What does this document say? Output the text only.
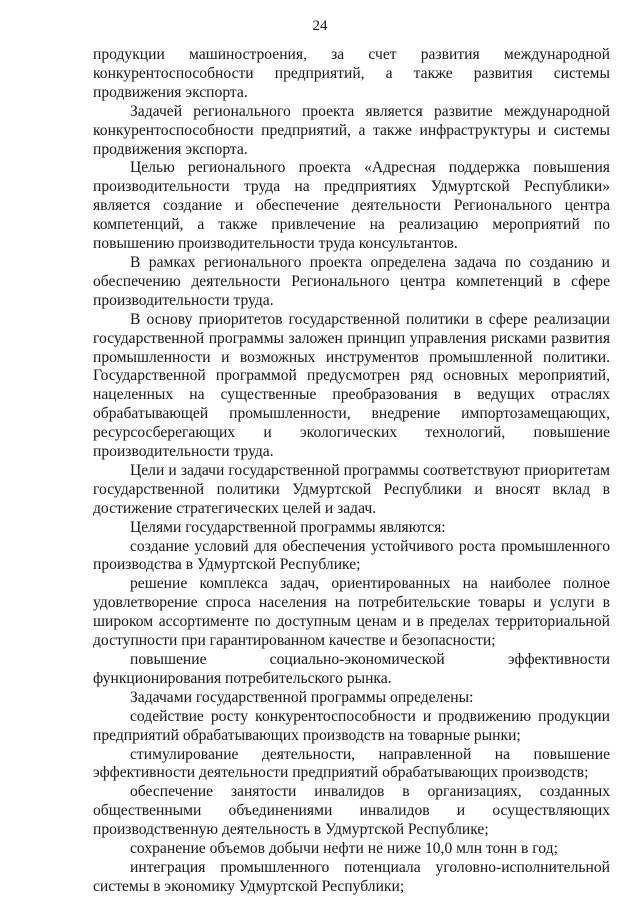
24

продукции машиностроения, за счет развития международной конкурентоспособности предприятий, а также развития системы продвижения экспорта.

Задачей регионального проекта является развитие международной конкурентоспособности предприятий, а также инфраструктуры и системы продвижения экспорта.

Целью регионального проекта «Адресная поддержка повышения производительности труда на предприятиях Удмуртской Республики» является создание и обеспечение деятельности Регионального центра компетенций, а также привлечение на реализацию мероприятий по повышению производительности труда консультантов.

В рамках регионального проекта определена задача по созданию и обеспечению деятельности Регионального центра компетенций в сфере производительности труда.

В основу приоритетов государственной политики в сфере реализации государственной программы заложен принцип управления рисками развития промышленности и возможных инструментов промышленной политики. Государственной программой предусмотрен ряд основных мероприятий, нацеленных на существенные преобразования в ведущих отраслях обрабатывающей промышленности, внедрение импортозамещающих, ресурсосберегающих и экологических технологий, повышение производительности труда.

Цели и задачи государственной программы соответствуют приоритетам государственной политики Удмуртской Республики и вносят вклад в достижение стратегических целей и задач.

Целями государственной программы являются:

создание условий для обеспечения устойчивого роста промышленного производства в Удмуртской Республике;

решение комплекса задач, ориентированных на наиболее полное удовлетворение спроса населения на потребительские товары и услуги в широком ассортименте по доступным ценам и в пределах территориальной доступности при гарантированном качестве и безопасности;

повышение социально-экономической эффективности функционирования потребительского рынка.

Задачами государственной программы определены:

содействие росту конкурентоспособности и продвижению продукции предприятий обрабатывающих производств на товарные рынки;

стимулирование деятельности, направленной на повышение эффективности деятельности предприятий обрабатывающих производств;

обеспечение занятости инвалидов в организациях, созданных общественными объединениями инвалидов и осуществляющих производственную деятельность в Удмуртской Республике;

сохранение объемов добычи нефти не ниже 10,0 млн тонн в год;

интеграция промышленного потенциала уголовно-исполнительной системы в экономику Удмуртской Республики;
